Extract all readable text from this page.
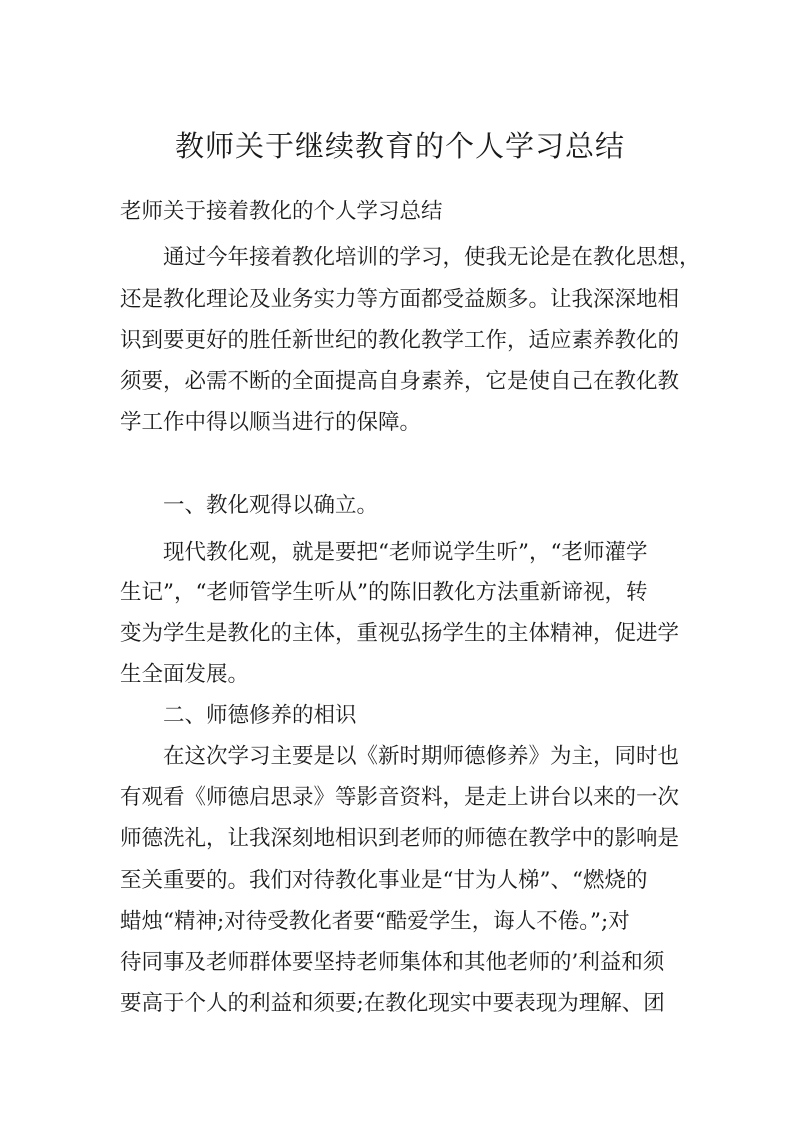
教师关于继续教育的个人学习总结

老师关于接着教化的个人学习总结

通过今年接着教化培训的学习，使我无论是在教化思想，

还是教化理论及业务实力等方面都受益颇多。让我深深地相

识到要更好的胜任新世纪的教化教学工作，适应素养教化的

须要，必需不断的全面提高自身素养，它是使自己在教化教

学工作中得以顺当进行的保障。

一、教化观得以确立。

现代教化观，就是要把“老师说学生听”，“老师灌学

生记”，“老师管学生听从”的陈旧教化方法重新谛视，转

变为学生是教化的主体，重视弘扬学生的主体精神，促进学

生全面发展。

二、师德修养的相识

在这次学习主要是以《新时期师德修养》为主，同时也

有观看《师德启思录》等影音资料，是走上讲台以来的一次

师德洗礼，让我深刻地相识到老师的师德在教学中的影响是

至关重要的。我们对待教化事业是“甘为人梯”、“燃烧的

蜡烛“精神;对待受教化者要“酷爱学生，诲人不倦。”;对

待同事及老师群体要坚持老师集体和其他老师的’利益和须

要高于个人的利益和须要;在教化现实中要表现为理解、团
